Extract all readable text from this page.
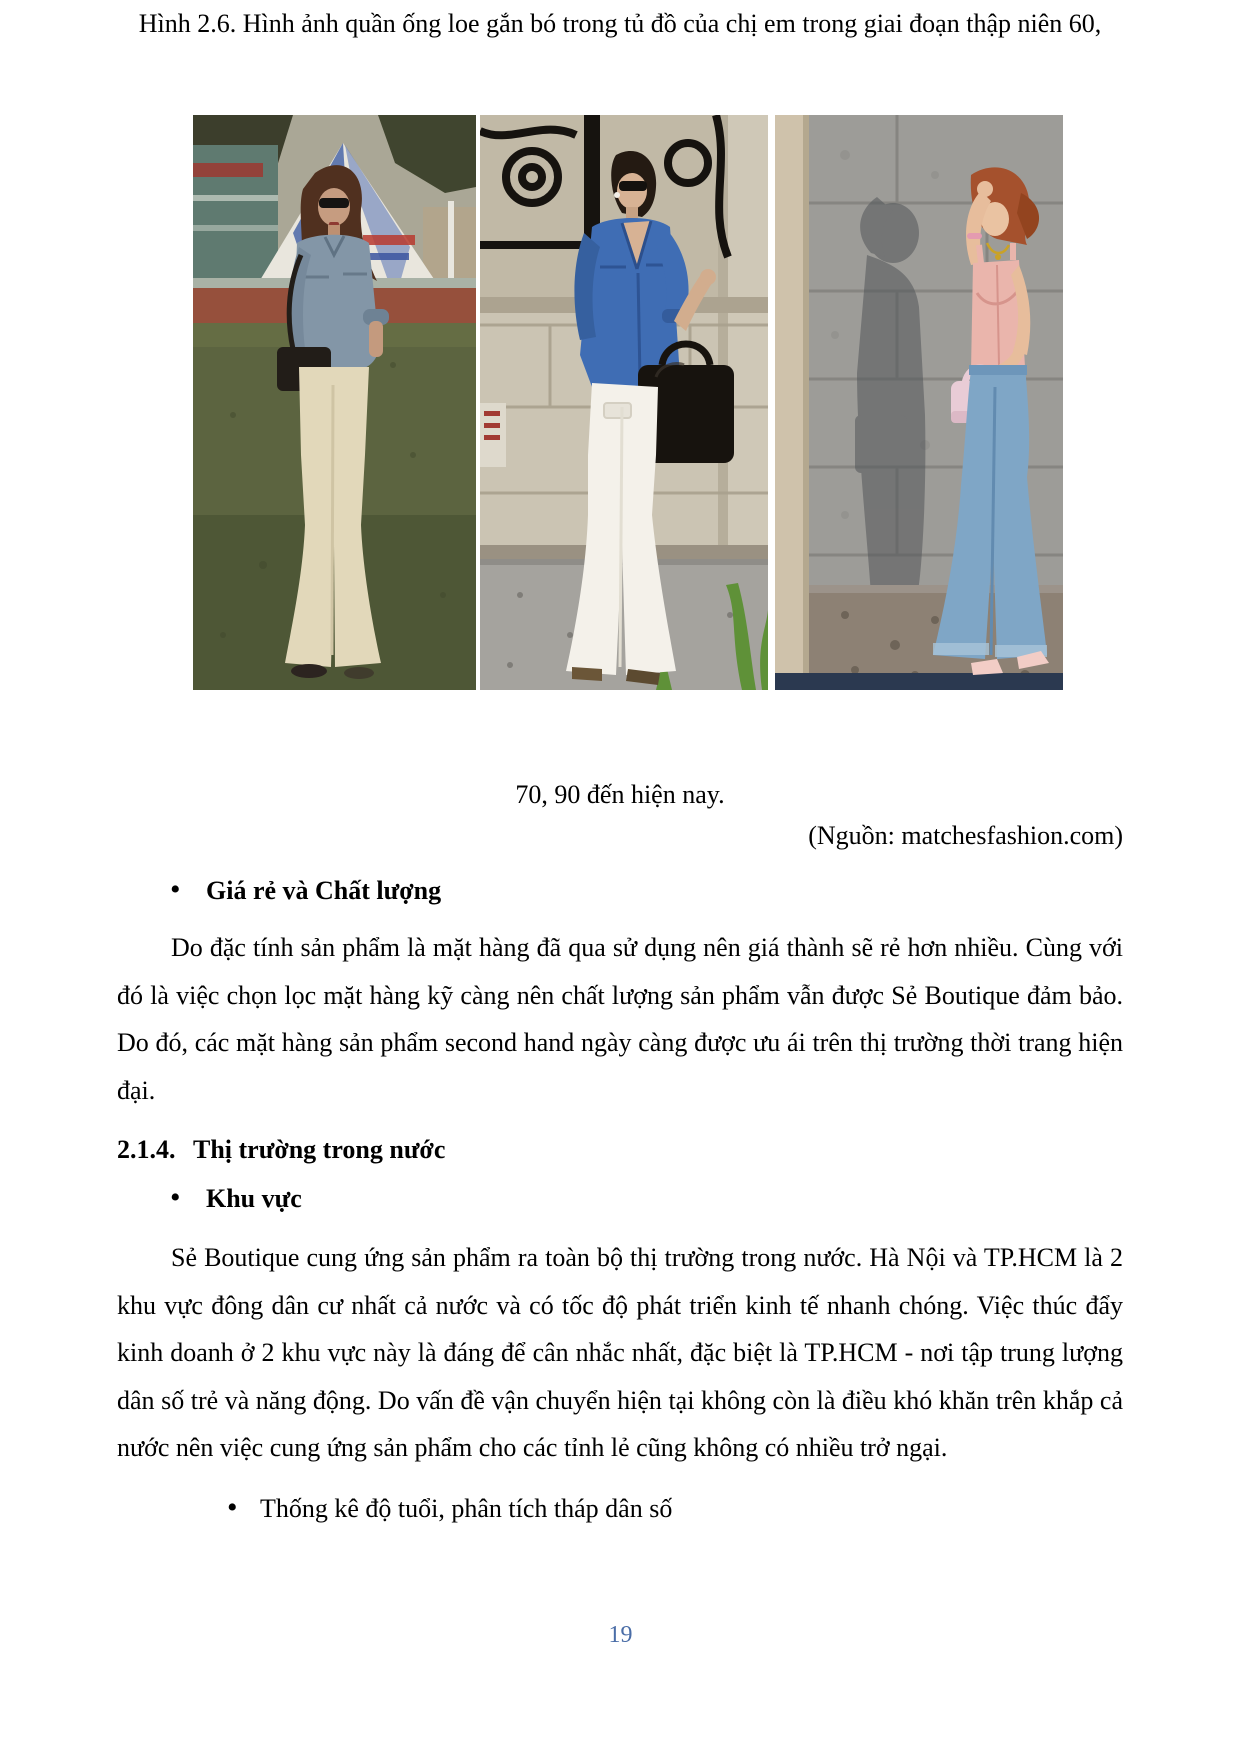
Hình 2.6. Hình ảnh quần ống loe gắn bó trong tủ đồ của chị em trong giai đoạn thập niên 60,
70, 90 đến hiện nay.
(Nguồn: matchesfashion.com)
• Giá rẻ và Chất lượng
Do đặc tính sản phẩm là mặt hàng đã qua sử dụng nên giá thành sẽ rẻ hơn nhiều. Cùng với đó là việc chọn lọc mặt hàng kỹ càng nên chất lượng sản phẩm vẫn được Sẻ Boutique đảm bảo. Do đó, các mặt hàng sản phẩm second hand ngày càng được ưu ái trên thị trường thời trang hiện đại.
2.1.4. Thị trường trong nước
• Khu vực
Sẻ Boutique cung ứng sản phẩm ra toàn bộ thị trường trong nước. Hà Nội và TP.HCM là 2 khu vực đông dân cư nhất cả nước và có tốc độ phát triển kinh tế nhanh chóng. Việc thúc đẩy kinh doanh ở 2 khu vực này là đáng để cân nhắc nhất, đặc biệt là TP.HCM - nơi tập trung lượng dân số trẻ và năng động. Do vấn đề vận chuyển hiện tại không còn là điều khó khăn trên khắp cả nước nên việc cung ứng sản phẩm cho các tỉnh lẻ cũng không có nhiều trở ngại.
• Thống kê độ tuổi, phân tích tháp dân số
19
